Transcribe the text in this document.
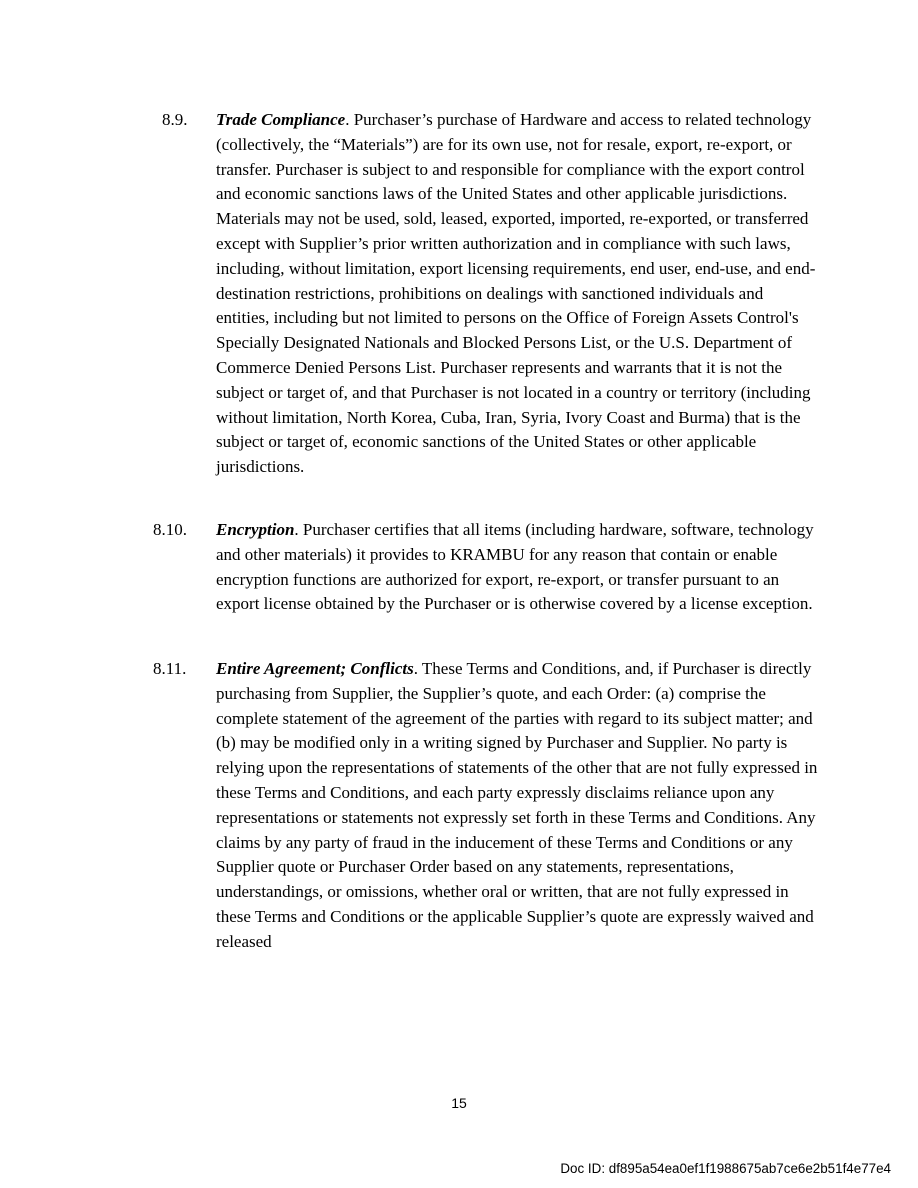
8.9. Trade Compliance. Purchaser’s purchase of Hardware and access to related technology (collectively, the “Materials”) are for its own use, not for resale, export, re-export, or transfer. Purchaser is subject to and responsible for compliance with the export control and economic sanctions laws of the United States and other applicable jurisdictions. Materials may not be used, sold, leased, exported, imported, re-exported, or transferred except with Supplier’s prior written authorization and in compliance with such laws, including, without limitation, export licensing requirements, end user, end-use, and end-destination restrictions, prohibitions on dealings with sanctioned individuals and entities, including but not limited to persons on the Office of Foreign Assets Control's Specially Designated Nationals and Blocked Persons List, or the U.S. Department of Commerce Denied Persons List. Purchaser represents and warrants that it is not the subject or target of, and that Purchaser is not located in a country or territory (including without limitation, North Korea, Cuba, Iran, Syria, Ivory Coast and Burma) that is the subject or target of, economic sanctions of the United States or other applicable jurisdictions.
8.10. Encryption. Purchaser certifies that all items (including hardware, software, technology and other materials) it provides to KRAMBU for any reason that contain or enable encryption functions are authorized for export, re-export, or transfer pursuant to an export license obtained by the Purchaser or is otherwise covered by a license exception.
8.11. Entire Agreement; Conflicts. These Terms and Conditions, and, if Purchaser is directly purchasing from Supplier, the Supplier’s quote, and each Order: (a) comprise the complete statement of the agreement of the parties with regard to its subject matter; and (b) may be modified only in a writing signed by Purchaser and Supplier. No party is relying upon the representations of statements of the other that are not fully expressed in these Terms and Conditions, and each party expressly disclaims reliance upon any representations or statements not expressly set forth in these Terms and Conditions. Any claims by any party of fraud in the inducement of these Terms and Conditions or any Supplier quote or Purchaser Order based on any statements, representations, understandings, or omissions, whether oral or written, that are not fully expressed in these Terms and Conditions or the applicable Supplier’s quote are expressly waived and released
15
Doc ID: df895a54ea0ef1f1988675ab7ce6e2b51f4e77e4
